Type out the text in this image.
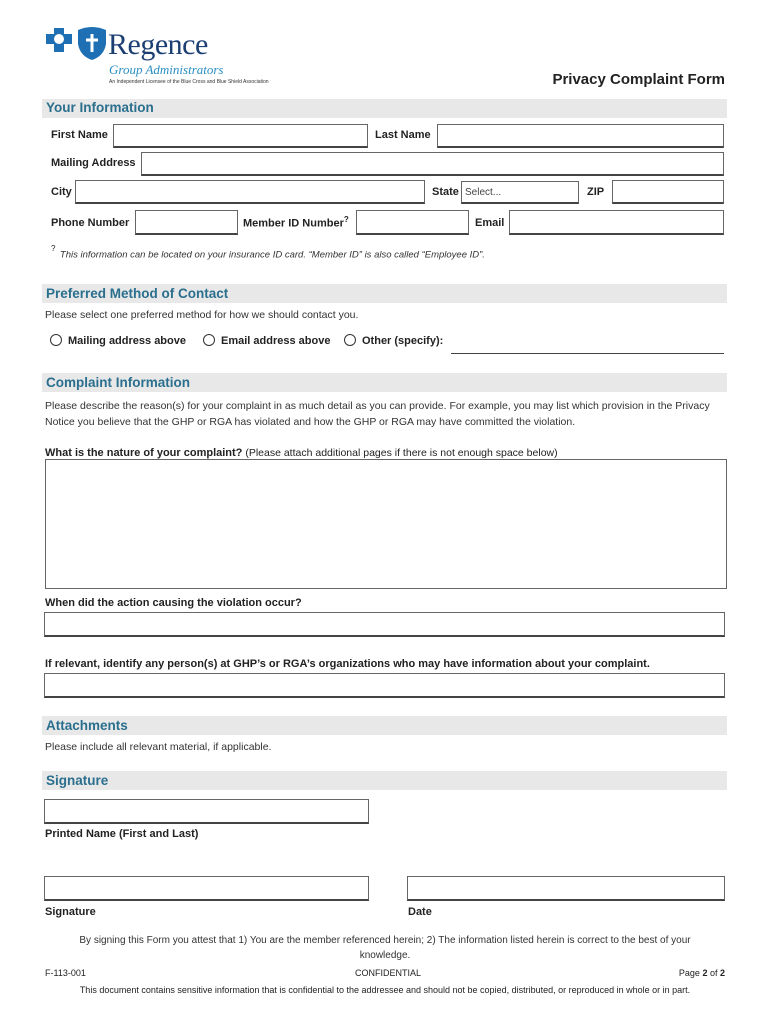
Regence
Group Administrators
An Independent Licensee of the Blue Cross and Blue Shield Association	Privacy Complaint Form
Your Information
First Name	Last Name
Mailing Address
City	State Select...	ZIP
Phone Number	Member ID Number?	Email
? This information can be located on your insurance ID card. “Member ID” is also called “Employee ID”.
Preferred Method of Contact
Please select one preferred method for how we should contact you.
Mailing address above	Email address above	Other (specify):
Complaint Information
Please describe the reason(s) for your complaint in as much detail as you can provide. For example, you may list which provision in the Privacy Notice you believe that the GHP or RGA has violated and how the GHP or RGA may have committed the violation.
What is the nature of your complaint? (Please attach additional pages if there is not enough space below)
When did the action causing the violation occur?
If relevant, identify any person(s) at GHP’s or RGA’s organizations who may have information about your complaint.
Attachments
Please include all relevant material, if applicable.
Signature
Printed Name (First and Last)
Signature	Date
By signing this Form you attest that 1) You are the member referenced herein; 2) The information listed herein is correct to the best of your knowledge.
F-113-001	CONFIDENTIAL	Page 2 of 2
This document contains sensitive information that is confidential to the addressee and should not be copied, distributed, or reproduced in whole or in part.
